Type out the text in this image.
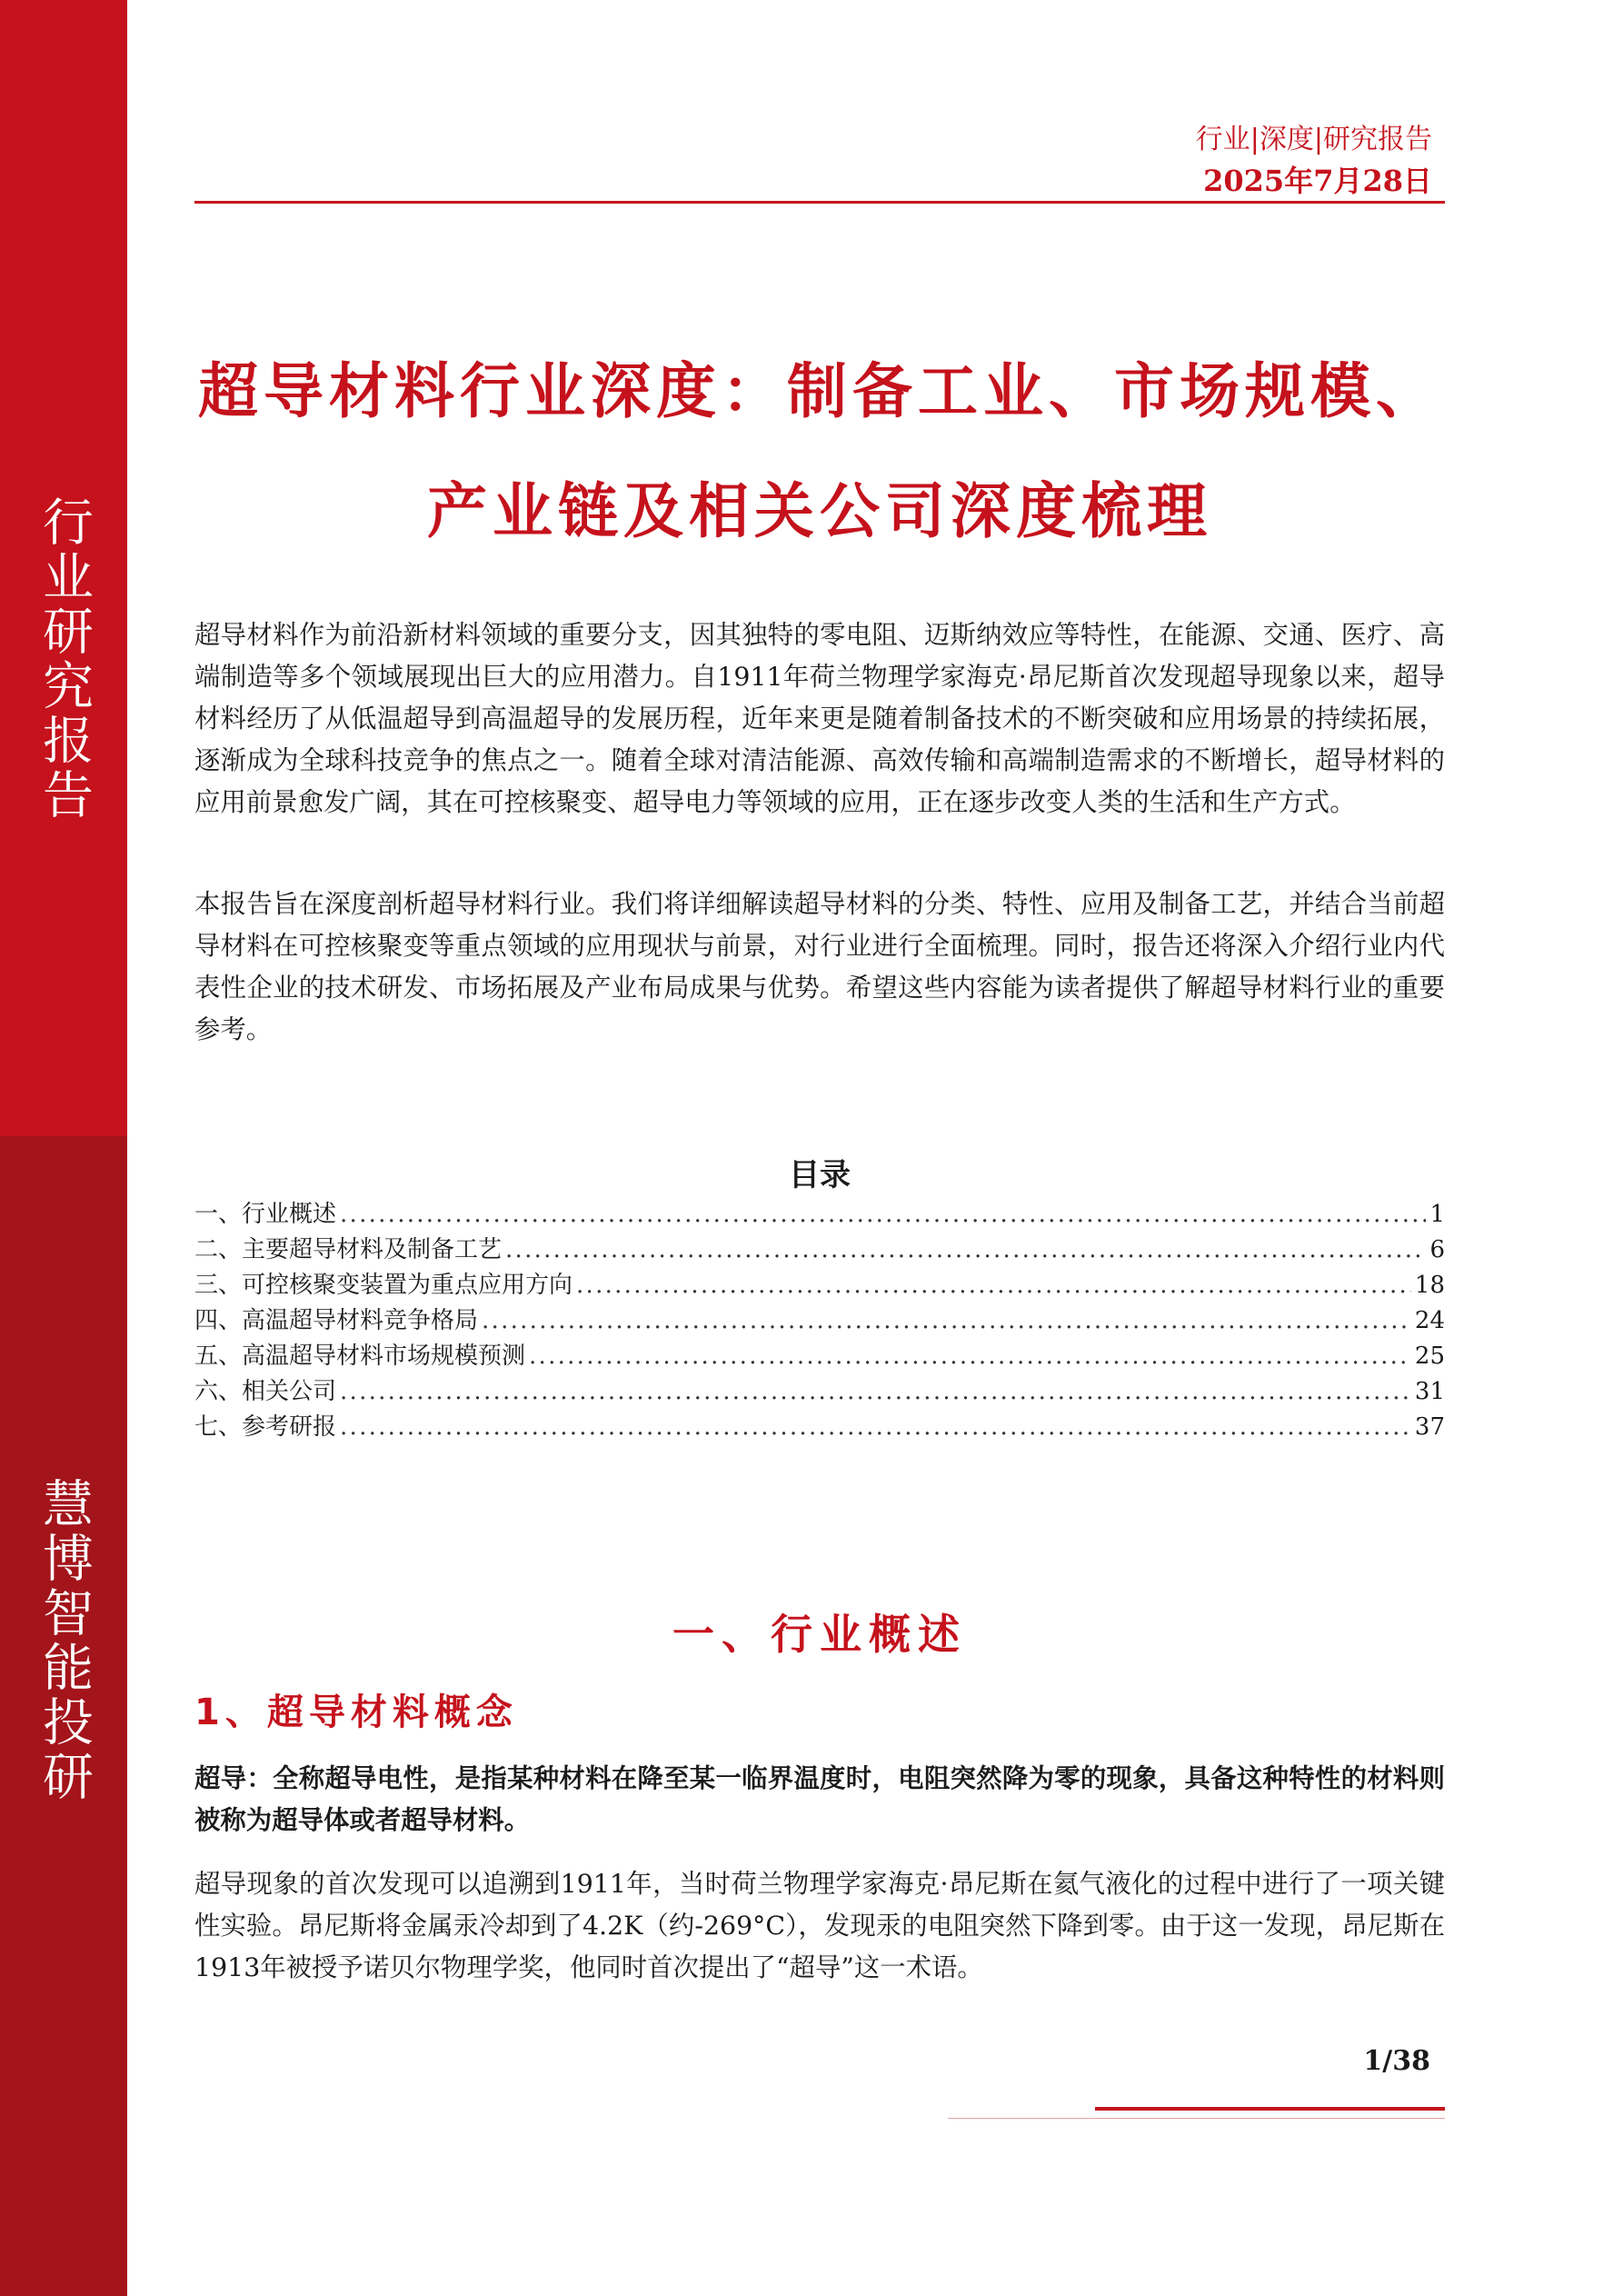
行业研究报告
慧博智能投研
行业|深度|研究报告
2025年7月28日
超导材料行业深度：制备工业、市场规模、
产业链及相关公司深度梳理

超导材料作为前沿新材料领域的重要分支，因其独特的零电阻、迈斯纳效应等特性，在能源、交通、医疗、高端制造等多个领域展现出巨大的应用潜力。自1911年荷兰物理学家海克·昂尼斯首次发现超导现象以来，超导材料经历了从低温超导到高温超导的发展历程，近年来更是随着制备技术的不断突破和应用场景的持续拓展，逐渐成为全球科技竞争的焦点之一。随着全球对清洁能源、高效传输和高端制造需求的不断增长，超导材料的应用前景愈发广阔，其在可控核聚变、超导电力等领域的应用，正在逐步改变人类的生活和生产方式。

本报告旨在深度剖析超导材料行业。我们将详细解读超导材料的分类、特性、应用及制备工艺，并结合当前超导材料在可控核聚变等重点领域的应用现状与前景，对行业进行全面梳理。同时，报告还将深入介绍行业内代表性企业的技术研发、市场拓展及产业布局成果与优势。希望这些内容能为读者提供了解超导材料行业的重要参考。

目录
一、行业概述 . . .	1
二、主要超导材料及制备工艺 . . .	6
三、可控核聚变装置为重点应用方向 . . .	18
四、高温超导材料竞争格局 . . .	24
五、高温超导材料市场规模预测 . . .	25
六、相关公司 . . .	31
七、参考研报 . . .	37
一、行业概述
1、超导材料概念

超导：全称超导电性，是指某种材料在降至某一临界温度时，电阻突然降为零的现象，具备这种特性的材料则被称为超导体或者超导材料。

超导现象的首次发现可以追溯到1911年，当时荷兰物理学家海克·昂尼斯在氦气液化的过程中进行了一项关键性实验。昂尼斯将金属汞冷却到了4.2K（约-269°C），发现汞的电阻突然下降到零。由于这一发现，昂尼斯在1913年被授予诺贝尔物理学奖，他同时首次提出了“超导”这一术语。

1/38
